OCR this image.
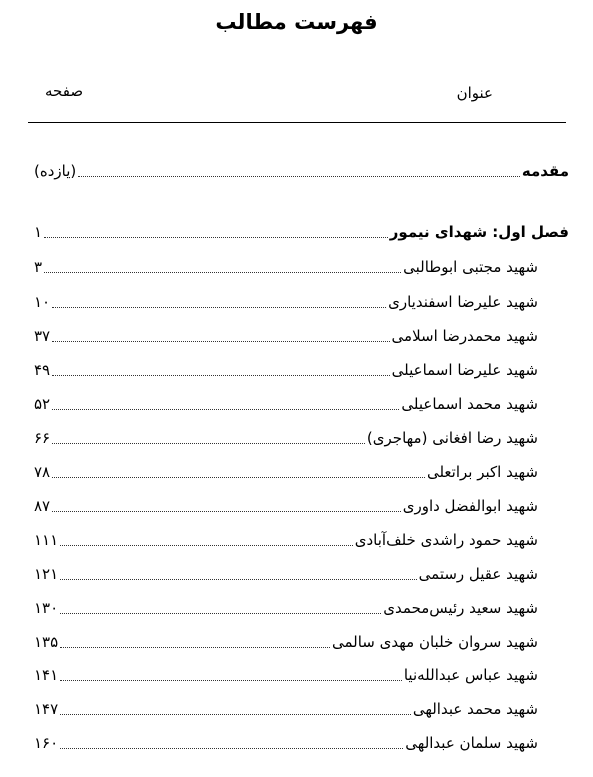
فهرست مطالب
عنوان
صفحه
مقدمه
(یازده)
فصل اول: شهدای نیمور
۱
شهید مجتبی ابوطالبی
۳
شهید علیرضا اسفندیاری
۱۰
شهید محمدرضا اسلامی
۳۷
شهید علیرضا اسماعیلی
۴۹
شهید محمد اسماعیلی
۵۲
شهید رضا افغانی (مهاجری)
۶۶
شهید اکبر براتعلی
۷۸
شهید ابوالفضل داوری
۸۷
شهید حمود راشدی خلف‌آبادی
۱۱۱
شهید عقیل رستمی
۱۲۱
شهید سعید رئیس‌محمدی
۱۳۰
شهید سروان خلبان مهدی سالمی
۱۳۵
شهید عباس عبدالله‌نیا
۱۴۱
شهید محمد عبدالهی
۱۴۷
شهید سلمان عبدالهی
۱۶۰
